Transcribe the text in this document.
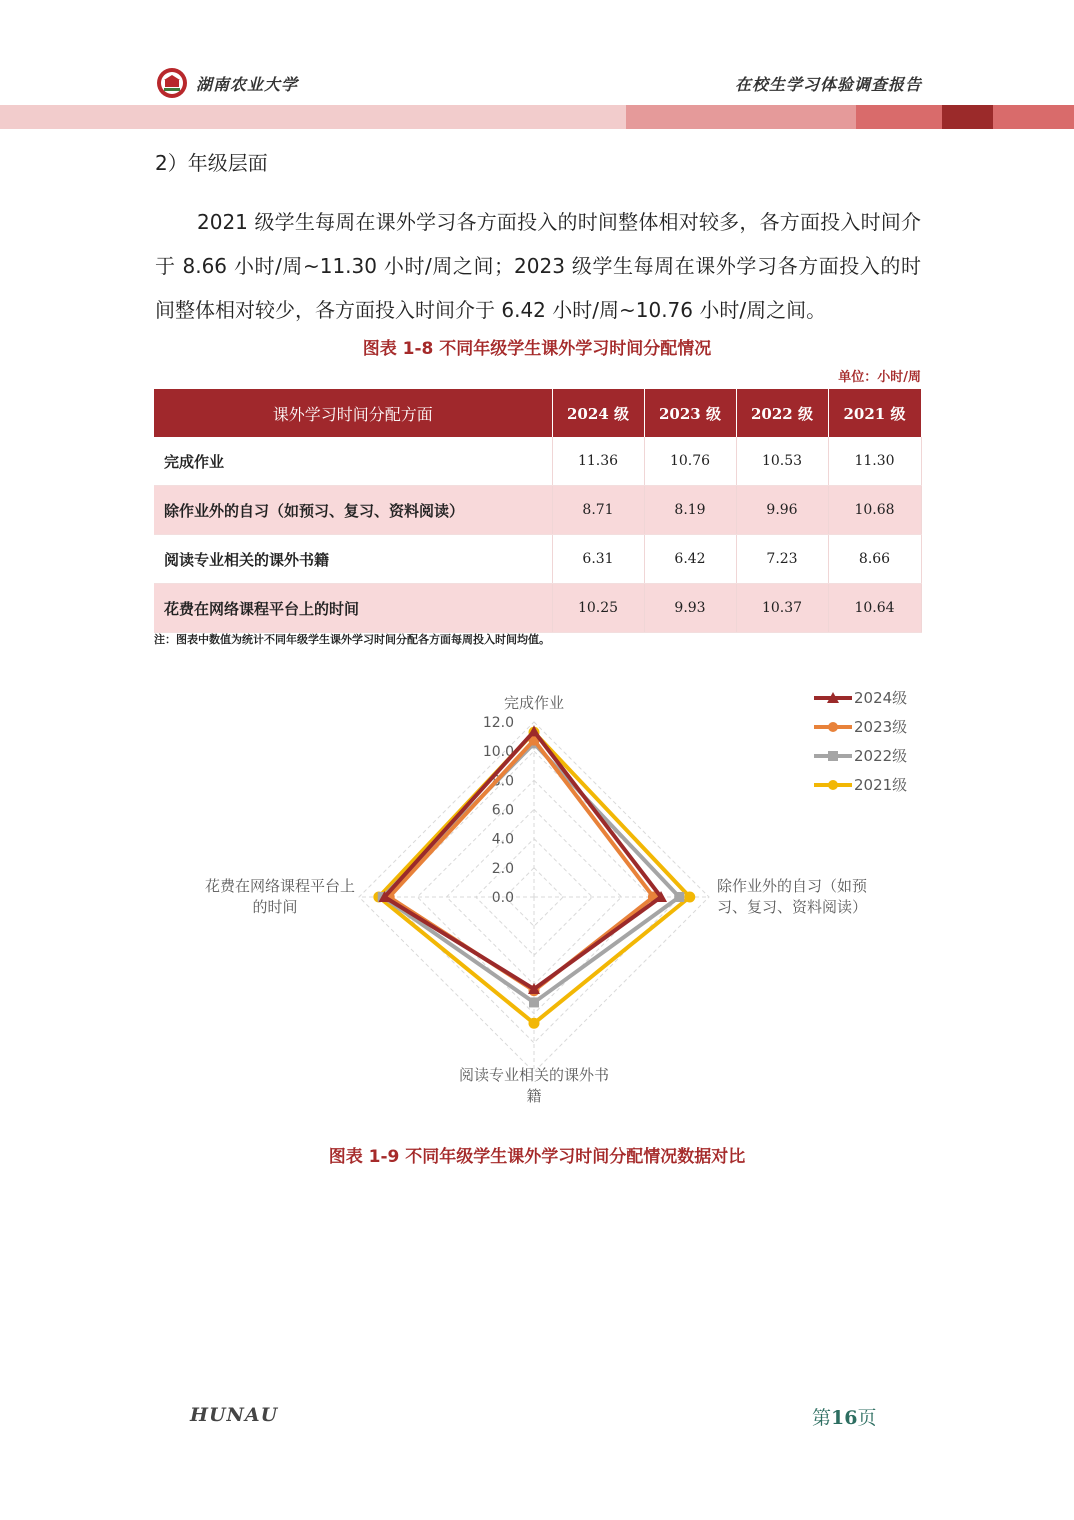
湖南农业大学	在校生学习体验调查报告
2）年级层面
2021 级学生每周在课外学习各方面投入的时间整体相对较多，各方面投入时间介于 8.66 小时/周~11.30 小时/周之间；2023 级学生每周在课外学习各方面投入的时间整体相对较少，各方面投入时间介于 6.42 小时/周~10.76 小时/周之间。
图表 1-8 不同年级学生课外学习时间分配情况
单位：小时/周
课外学习时间分配方面	2024 级	2023 级	2022 级	2021 级
完成作业	11.36	10.76	10.53	11.30
除作业外的自习（如预习、复习、资料阅读）	8.71	8.19	9.96	10.68
阅读专业相关的课外书籍	6.31	6.42	7.23	8.66
花费在网络课程平台上的时间	10.25	9.93	10.37	10.64
注：图表中数值为统计不同年级学生课外学习时间分配各方面每周投入时间均值。
0.0
2.0
4.0
6.0
8.0
10.0
12.0
完成作业
除作业外的自习（如预
习、复习、资料阅读）
阅读专业相关的课外书
籍
花费在网络课程平台上
的时间
2024级
2023级
2022级
2021级
图表 1-9 不同年级学生课外学习时间分配情况数据对比
HUNAU	第16页
